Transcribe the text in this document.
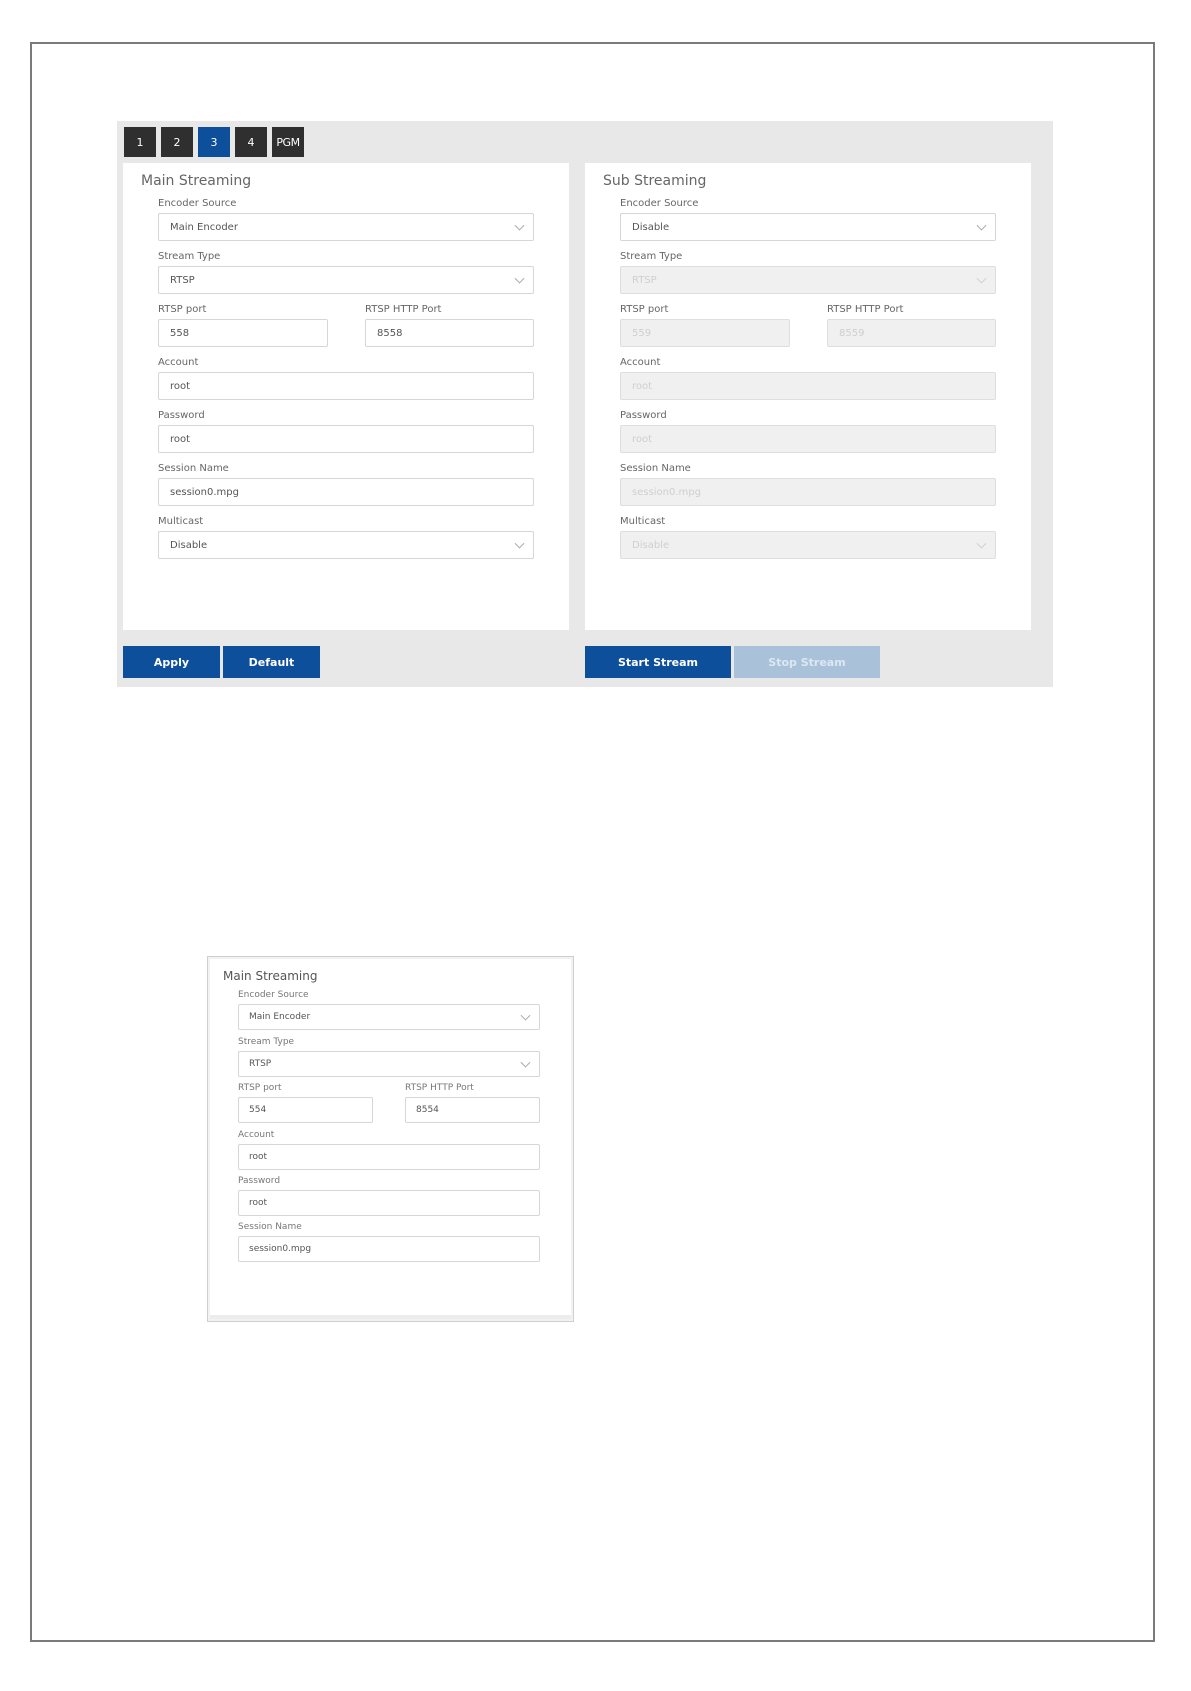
1	2	3	4	PGM
Main Streaming
Encoder Source
Main Encoder
Stream Type
RTSP
RTSP port
558
RTSP HTTP Port
8558
Account
root
Password
root
Session Name
session0.mpg
Multicast
Disable
Sub Streaming
Encoder Source
Disable
Stream Type
RTSP
RTSP port
559
RTSP HTTP Port
8559
Account
root
Password
root
Session Name
session0.mpg
Multicast
Disable
Apply	Default	Start Stream	Stop Stream
Main Streaming
Encoder Source
Main Encoder
Stream Type
RTSP
RTSP port
554
RTSP HTTP Port
8554
Account
root
Password
root
Session Name
session0.mpg
